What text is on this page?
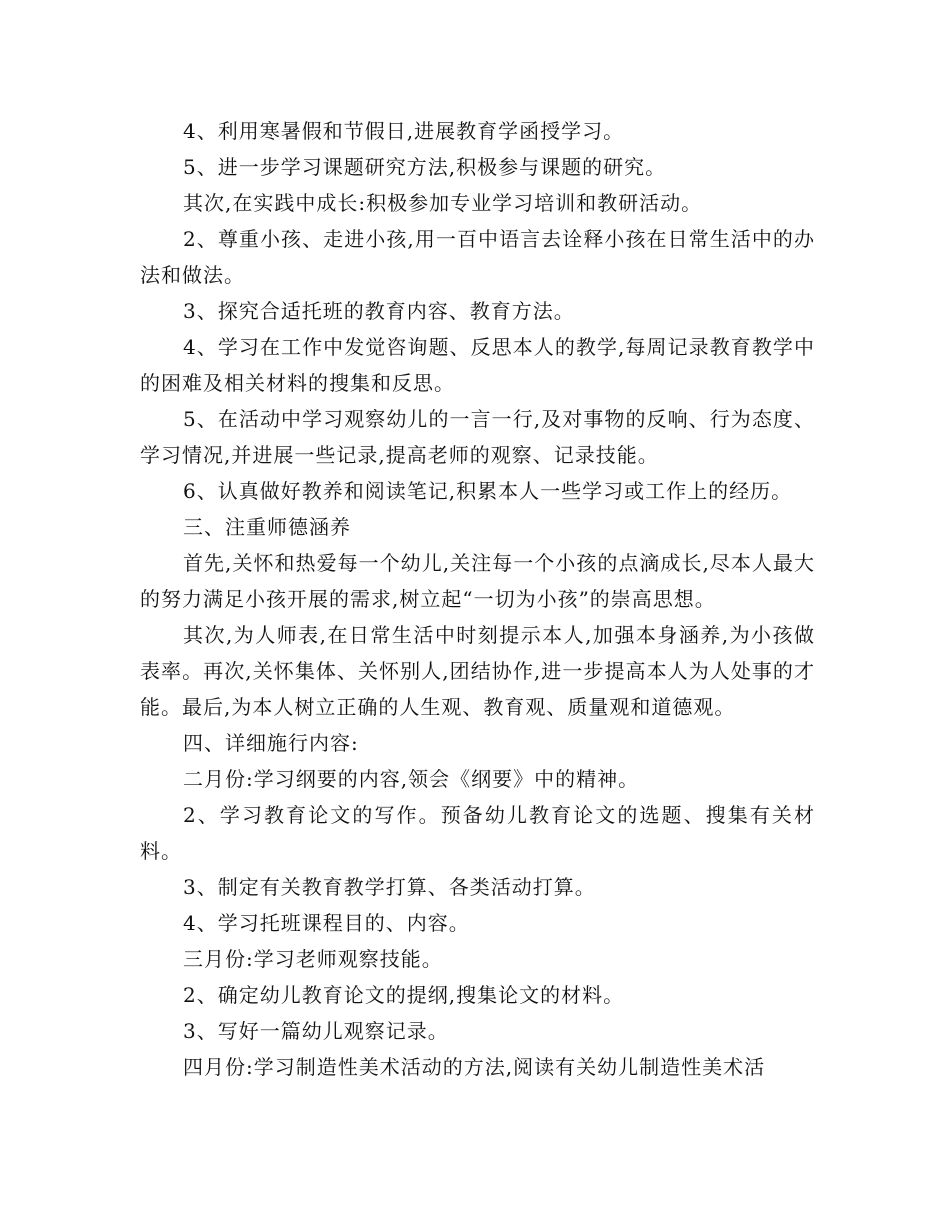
4、利用寒暑假和节假日,进展教育学函授学习。

5、进一步学习课题研究方法,积极参与课题的研究。

其次,在实践中成长:积极参加专业学习培训和教研活动。

2、尊重小孩、走进小孩,用一百中语言去诠释小孩在日常生活中的办法和做法。

3、探究合适托班的教育内容、教育方法。

4、学习在工作中发觉咨询题、反思本人的教学,每周记录教育教学中的困难及相关材料的搜集和反思。

5、在活动中学习观察幼儿的一言一行,及对事物的反响、行为态度、学习情况,并进展一些记录,提高老师的观察、记录技能。

6、认真做好教养和阅读笔记,积累本人一些学习或工作上的经历。

三、注重师德涵养

首先,关怀和热爱每一个幼儿,关注每一个小孩的点滴成长,尽本人最大的努力满足小孩开展的需求,树立起“一切为小孩”的崇高思想。

其次,为人师表,在日常生活中时刻提示本人,加强本身涵养,为小孩做表率。再次,关怀集体、关怀别人,团结协作,进一步提高本人为人处事的才能。最后,为本人树立正确的人生观、教育观、质量观和道德观。

四、详细施行内容:

二月份:学习纲要的内容,领会《纲要》中的精神。

2、学习教育论文的写作。预备幼儿教育论文的选题、搜集有关材料。

3、制定有关教育教学打算、各类活动打算。

4、学习托班课程目的、内容。

三月份:学习老师观察技能。

2、确定幼儿教育论文的提纲,搜集论文的材料。

3、写好一篇幼儿观察记录。

四月份:学习制造性美术活动的方法,阅读有关幼儿制造性美术活
